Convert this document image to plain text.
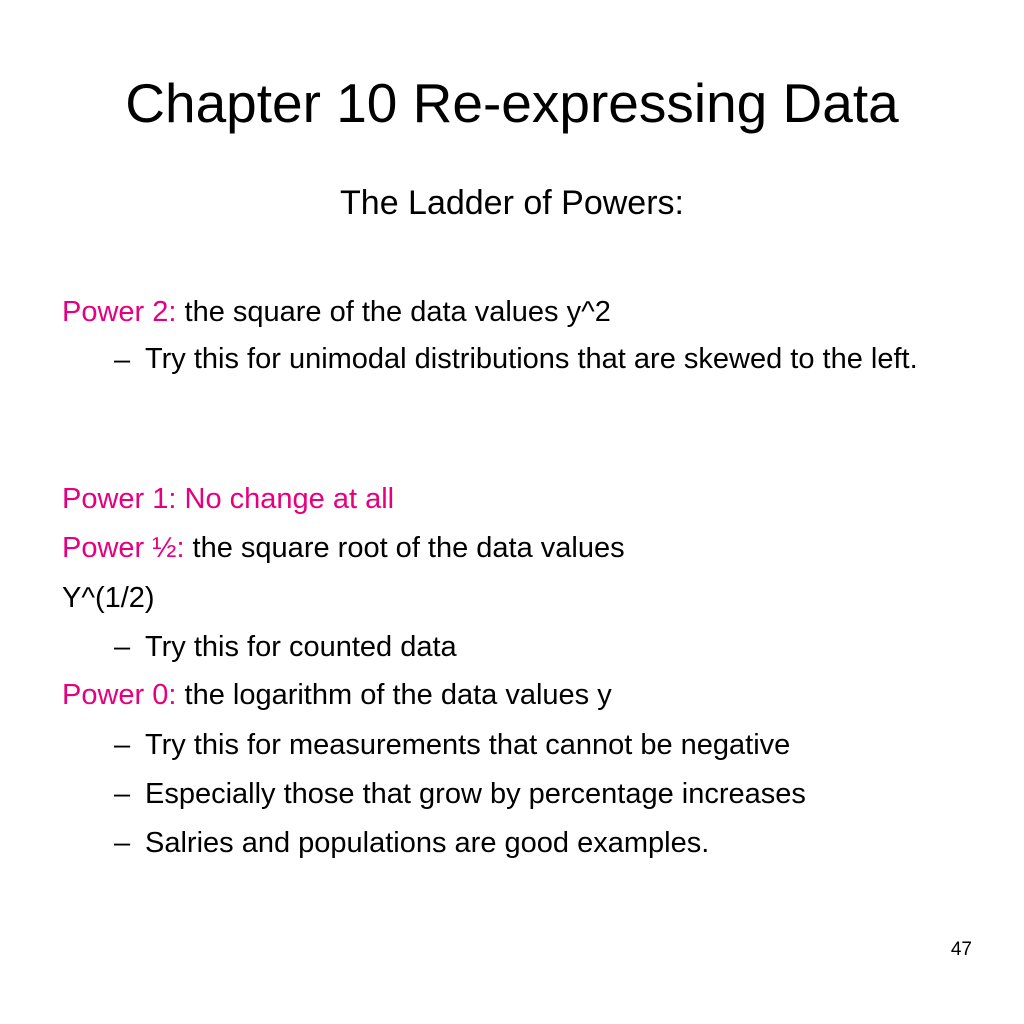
Chapter 10 Re-expressing Data
The Ladder of Powers:
Power 2: the square of the data values y^2
– Try this for unimodal distributions that are skewed to the left.
Power 1: No change at all
Power ½: the square root of the data values
Y^(1/2)
– Try this for counted data
Power 0: the logarithm of the data values y
– Try this for measurements that cannot be negative
– Especially those that grow by percentage increases
– Salries and populations are good examples.
47
